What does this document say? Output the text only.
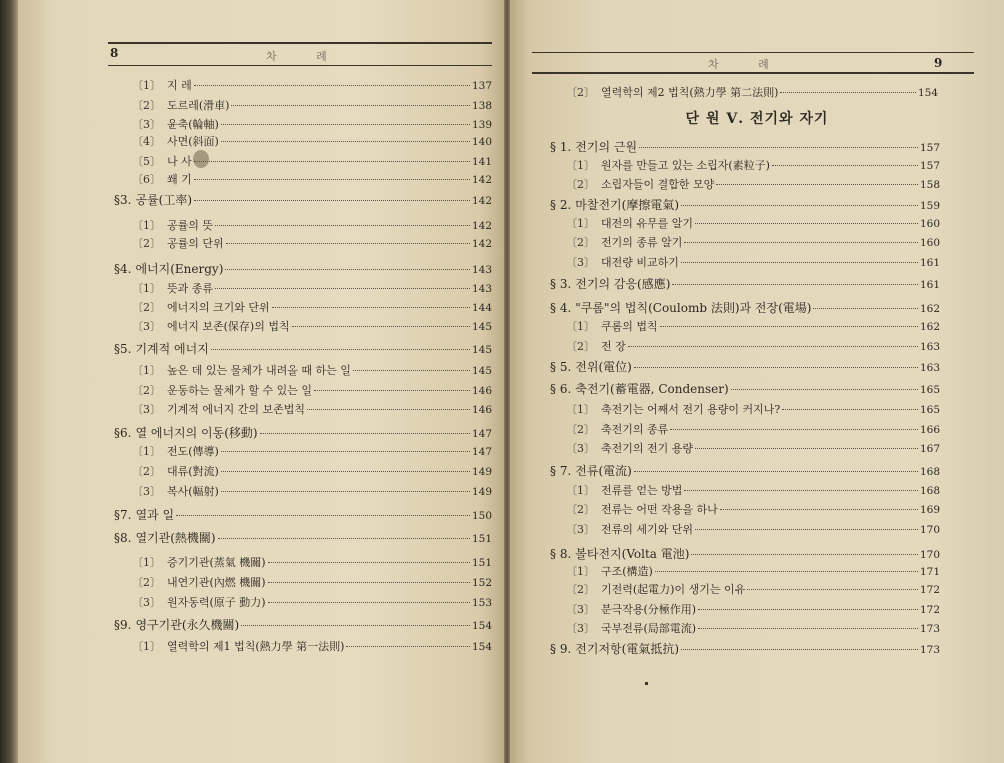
8	차 례
〔1〕 지 레	137
〔2〕 도르레(滑車)	138
〔3〕 윤축(輪軸)	139
〔4〕 사면(斜面)	140
〔5〕 나 사	141
〔6〕 쐐 기	142
§3. 공률(工率)	142
〔1〕 공률의 뜻	142
〔2〕 공률의 단위	142
§4. 에너지(Energy)	143
〔1〕 뜻과 종류	143
〔2〕 에너지의 크기와 단위	144
〔3〕 에너지 보존(保存)의 법칙	145
§5. 기계적 에너지	145
〔1〕 높은 데 있는 물체가 내려올 때 하는 일	145
〔2〕 운동하는 물체가 할 수 있는 일	146
〔3〕 기계적 에너지 간의 보존법칙	146
§6. 열 에너지의 이동(移動)	147
〔1〕 전도(傳導)	147
〔2〕 대류(對流)	149
〔3〕 복사(輻射)	149
§7. 열과 일	150
§8. 열기관(熱機關)	151
〔1〕 증기기관(蒸氣 機關)	151
〔2〕 내연기관(內燃 機關)	152
〔3〕 원자동력(原子 動力)	153
§9. 영구기관(永久機關)	154
〔1〕 열력학의 제1 법칙(熱力學 第一法則)	154
차 례	9
〔2〕 열력학의 제2 법칙(熱力學 第二法則)	154
단 원 Ⅴ. 전기와 자기
§ 1. 전기의 근원	157
〔1〕 원자를 만들고 있는 소립자(素粒子)	157
〔2〕 소립자들이 결합한 모양	158
§ 2. 마찰전기(摩擦電氣)	159
〔1〕 대전의 유무를 알기	160
〔2〕 전기의 종류 알기	160
〔3〕 대전량 비교하기	161
§ 3. 전기의 감응(感應)	161
§ 4. "쿠롬"의 법칙(Coulomb 法則)과 전장(電場)	162
〔1〕 쿠롬의 법칙	162
〔2〕 전 장	163
§ 5. 전위(電位)	163
§ 6. 축전기(蓄電器, Condenser)	165
〔1〕 축전기는 어째서 전기 용량이 커지나?	165
〔2〕 축전기의 종류	166
〔3〕 축전기의 전기 용량	167
§ 7. 전류(電流)	168
〔1〕 전류를 얻는 방법	168
〔2〕 전류는 어떤 작용을 하나	169
〔3〕 전류의 세기와 단위	170
§ 8. 볼타전지(Volta 電池)	170
〔1〕 구조(構造)	171
〔2〕 기전력(起電力)이 생기는 이유	172
〔3〕 분극작용(分極作用)	172
〔3〕 국부전류(局部電流)	173
§ 9. 전기저항(電氣抵抗)	173
